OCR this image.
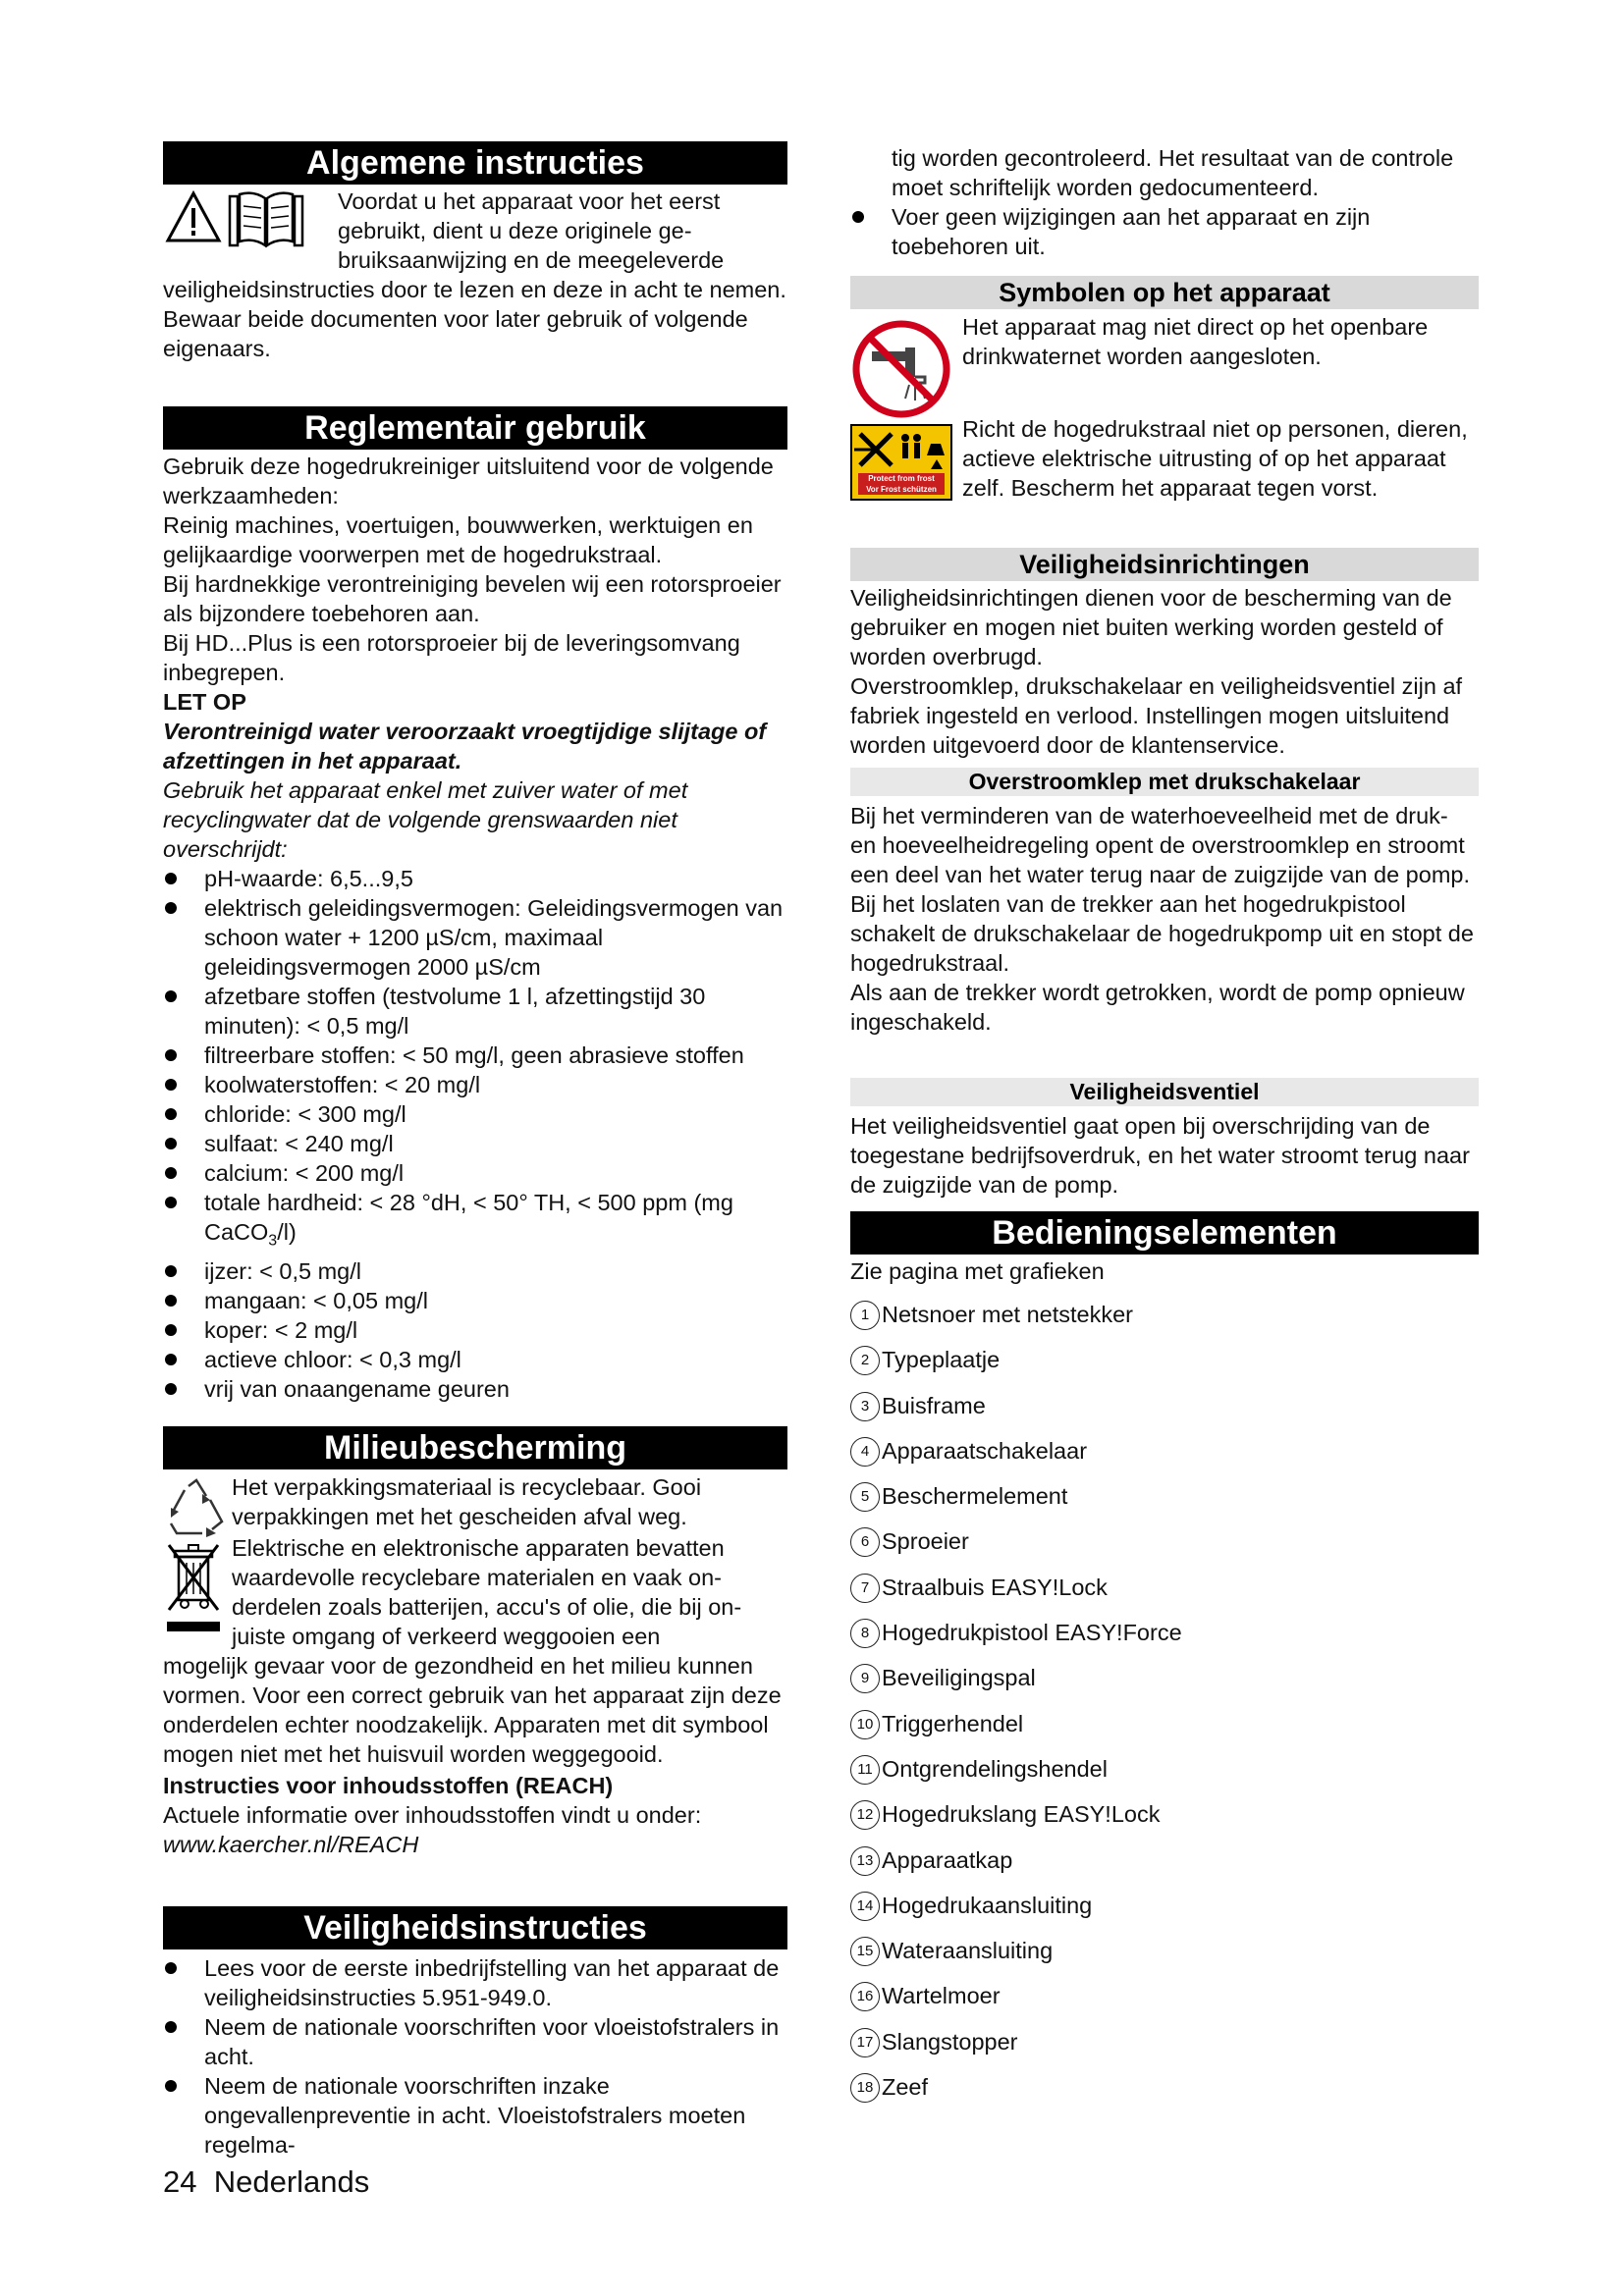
Algemene instructies

Voordat u het apparaat voor het eerst

gebruikt, dient u deze originele ge-

bruiksaanwijzing en de meegeleverde

veiligheidsinstructies door te lezen en deze in acht te nemen.

Bewaar beide documenten voor later gebruik of volgende eigenaars.

Reglementair gebruik

Gebruik deze hogedrukreiniger uitsluitend voor de volgende werkzaamheden:

Reinig machines, voertuigen, bouwwerken, werktuigen en gelijkaardige voorwerpen met de hogedrukstraal.

Bij hardnekkige verontreiniging bevelen wij een rotorsproeier als bijzondere toebehoren aan.

Bij HD...Plus is een rotorsproeier bij de leveringsomvang inbegrepen.

LET OP

Verontreinigd water veroorzaakt vroegtijdige slijtage of afzettingen in het apparaat.

Gebruik het apparaat enkel met zuiver water of met recyclingwater dat de volgende grenswaarden niet overschrijdt:

pH-waarde: 6,5...9,5
elektrisch geleidingsvermogen: Geleidingsvermogen van schoon water + 1200 µS/cm, maximaal geleidingsvermogen 2000 µS/cm
afzetbare stoffen (testvolume 1 l, afzettingstijd 30 minuten): < 0,5 mg/l
filtreerbare stoffen: < 50 mg/l, geen abrasieve stoffen
koolwaterstoffen: < 20 mg/l
chloride: < 300 mg/l
sulfaat: < 240 mg/l
calcium: < 200 mg/l
totale hardheid: < 28 °dH, < 50° TH, < 500 ppm (mg CaCO$_3$/l)
ijzer: < 0,5 mg/l
mangaan: < 0,05 mg/l
koper: < 2 mg/l
actieve chloor: < 0,3 mg/l
vrij van onaangename geuren
Milieubescherming

Het verpakkingsmateriaal is recyclebaar. Gooi verpakkingen met het gescheiden afval weg.

Elektrische en elektronische apparaten bevatten

waardevolle recyclebare materialen en vaak on-

derdelen zoals batterijen, accu's of olie, die bij on-

juiste omgang of verkeerd weggooien een

mogelijk gevaar voor de gezondheid en het milieu kunnen vormen. Voor een correct gebruik van het apparaat zijn deze onderdelen echter noodzakelijk. Apparaten met dit symbool mogen niet met het huisvuil worden weggegooid.

Instructies voor inhoudsstoffen (REACH)

Actuele informatie over inhoudsstoffen vindt u onder:

www.kaercher.nl/REACH

Veiligheidsinstructies
Lees voor de eerste inbedrijfstelling van het apparaat de veiligheidsinstructies 5.951-949.0.
Neem de nationale voorschriften voor vloeistofstralers in acht.
Neem de nationale voorschriften inzake ongevallenpreventie in acht. Vloeistofstralers moeten regelma-

tig worden gecontroleerd. Het resultaat van de controle moet schriftelijk worden gedocumenteerd.

Voer geen wijzigingen aan het apparaat en zijn toebehoren uit.
Symbolen op het apparaat

Het apparaat mag niet direct op het openbare drinkwaternet worden aangesloten.

Protect from frost
Vor Frost schützen

Richt de hogedrukstraal niet op personen, dieren, actieve elektrische uitrusting of op het apparaat zelf. Bescherm het apparaat tegen vorst.

Veiligheidsinrichtingen

Veiligheidsinrichtingen dienen voor de bescherming van de gebruiker en mogen niet buiten werking worden gesteld of worden overbrugd.

Overstroomklep, drukschakelaar en veiligheidsventiel zijn af fabriek ingesteld en verlood. Instellingen mogen uitsluitend worden uitgevoerd door de klantenservice.

Overstroomklep met drukschakelaar

Bij het verminderen van de waterhoeveelheid met de druk- en hoeveelheidregeling opent de overstroomklep en stroomt een deel van het water terug naar de zuigzijde van de pomp.

Bij het loslaten van de trekker aan het hogedrukpistool schakelt de drukschakelaar de hogedrukpomp uit en stopt de hogedrukstraal.

Als aan de trekker wordt getrokken, wordt de pomp opnieuw ingeschakeld.

Veiligheidsventiel

Het veiligheidsventiel gaat open bij overschrijding van de toegestane bedrijfsoverdruk, en het water stroomt terug naar de zuigzijde van de pomp.

Bedieningselementen

Zie pagina met grafieken

1 Netsnoer met netstekker
2 Typeplaatje
3 Buisframe
4 Apparaatschakelaar
5 Beschermelement
6 Sproeier
7 Straalbuis EASY!Lock
8 Hogedrukpistool EASY!Force
9 Beveiligingspal
10 Triggerhendel
11 Ontgrendelingshendel
12 Hogedrukslang EASY!Lock
13 Apparaatkap
14 Hogedrukaansluiting
15 Wateraansluiting
16 Wartelmoer
17 Slangstopper
18 Zeef
24 Nederlands
